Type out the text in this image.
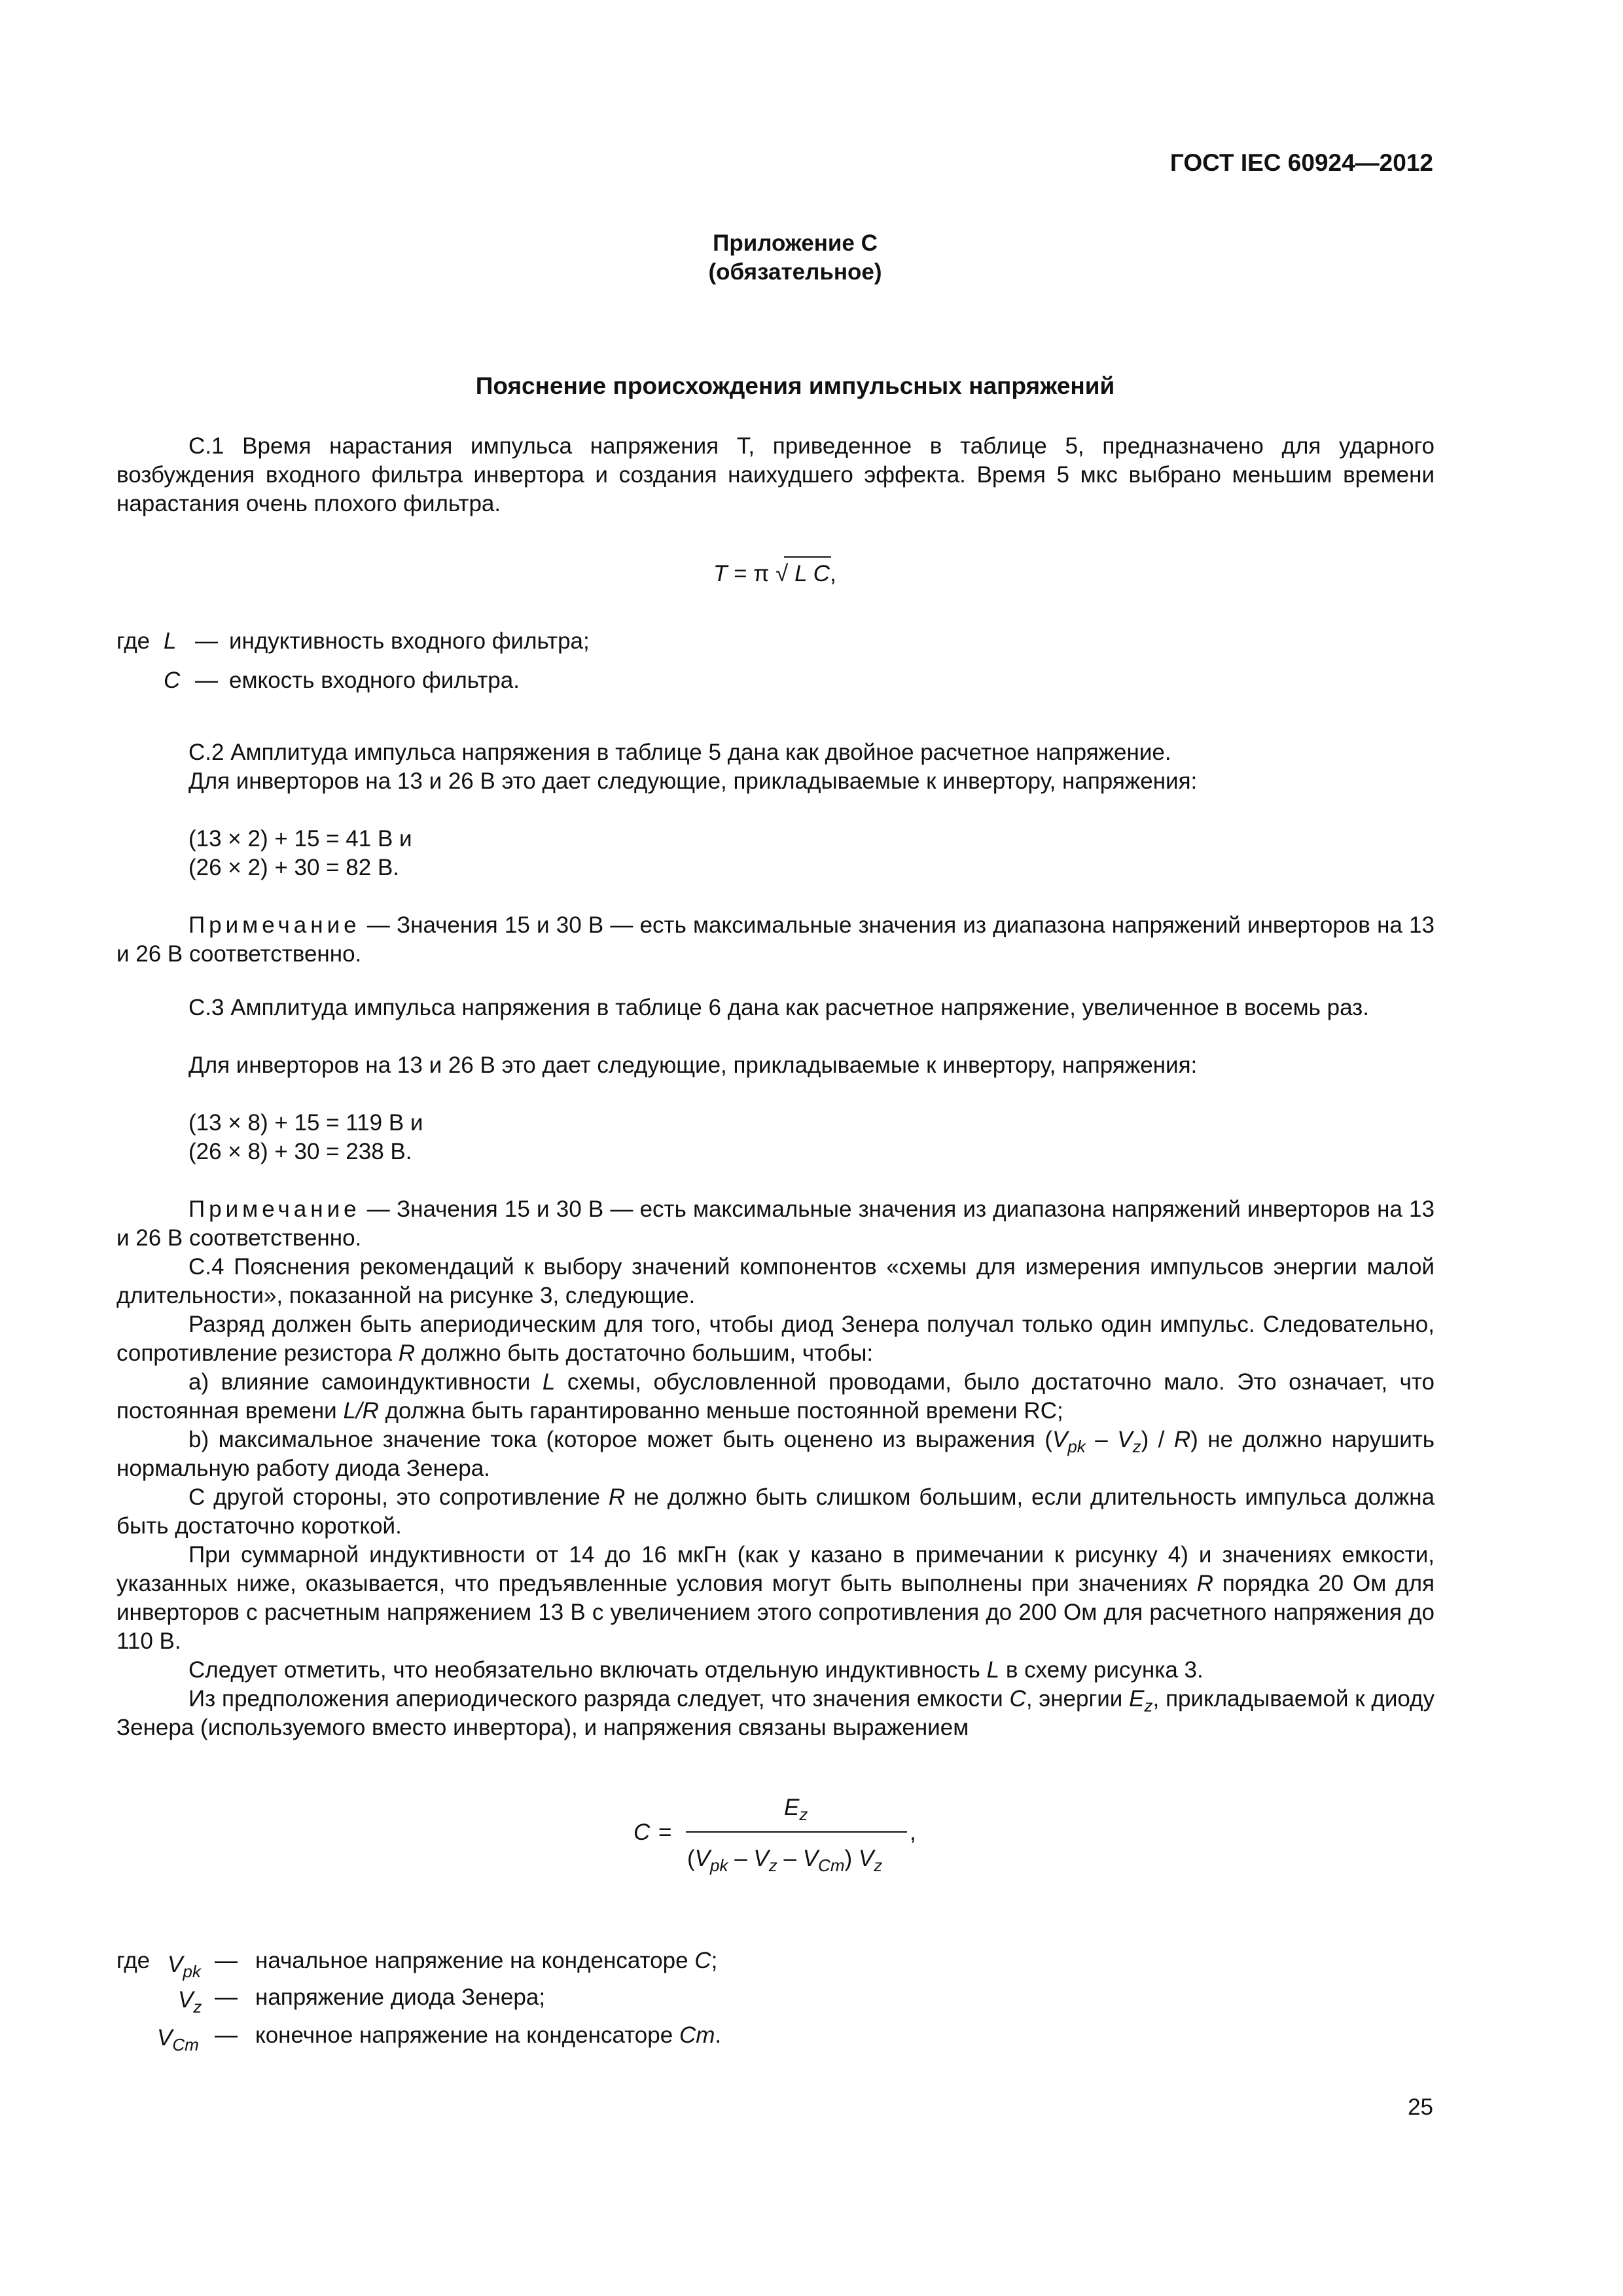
ГОСТ IEC 60924—2012
Приложение С
(обязательное)
Пояснение происхождения импульсных напряжений

С.1 Время нарастания импульса напряжения Т, приведенное в таблице 5, предназначено для ударного возбуждения входного фильтра инвертора и создания наихудшего эффекта. Время 5 мкс выбрано меньшим времени нарастания очень плохого фильтра.

T = π √ L C,
где L — индуктивность входного фильтра;
C — емкость входного фильтра.
С.2 Амплитуда импульса напряжения в таблице 5 дана как двойное расчетное напряжение.
Для инверторов на 13 и 26 В это дает следующие, прикладываемые к инвертору, напряжения:
(13 × 2) + 15 = 41 В и
(26 × 2) + 30 = 82 В.

Примечание — Значения 15 и 30 В — есть максимальные значения из диапазона напряжений инверторов на 13 и 26 В соответственно.

С.3 Амплитуда импульса напряжения в таблице 6 дана как расчетное напряжение, увеличенное в восемь раз.

Для инверторов на 13 и 26 В это дает следующие, прикладываемые к инвертору, напряжения:
(13 × 8) + 15 = 119 В и
(26 × 8) + 30 = 238 В.

Примечание — Значения 15 и 30 В — есть максимальные значения из диапазона напряжений инверторов на 13 и 26 В соответственно.

С.4 Пояснения рекомендаций к выбору значений компонентов «схемы для измерения импульсов энергии малой длительности», показанной на рисунке 3, следующие.

Разряд должен быть апериодическим для того, чтобы диод Зенера получал только один импульс. Следовательно, сопротивление резистора R должно быть достаточно большим, чтобы:

а) влияние самоиндуктивности L схемы, обусловленной проводами, было достаточно мало. Это означает, что постоянная времени L/R должна быть гарантированно меньше постоянной времени RC;

b) максимальное значение тока (которое может быть оценено из выражения $(V_{pk} - V_z) / R$) не должно нарушить нормальную работу диода Зенера.

С другой стороны, это сопротивление R не должно быть слишком большим, если длительность импульса должна быть достаточно короткой.

При суммарной индуктивности от 14 до 16 мкГн (как у казано в примечании к рисунку 4) и значениях емкости, указанных ниже, оказывается, что предъявленные условия могут быть выполнены при значениях R порядка 20 Ом для инверторов с расчетным напряжением 13 В с увеличением этого сопротивления до 200 Ом для расчетного напряжения до 110 В.

Следует отметить, что необязательно включать отдельную индуктивность L в схему рисунка 3.

Из предположения апериодического разряда следует, что значения емкости C, энергии $E_z$, прикладываемой к диоду Зенера (используемого вместо инвертора), и напряжения связаны выражением

C =
$E_z$
$(V_{pk} - V_z - V_{Cm})$ $V_z$
,
где $V_{pk}$ — начальное напряжение на конденсаторе C;
$V_z$ — напряжение диода Зенера;
$V_{Cm}$ — конечное напряжение на конденсаторе Cm.
25
